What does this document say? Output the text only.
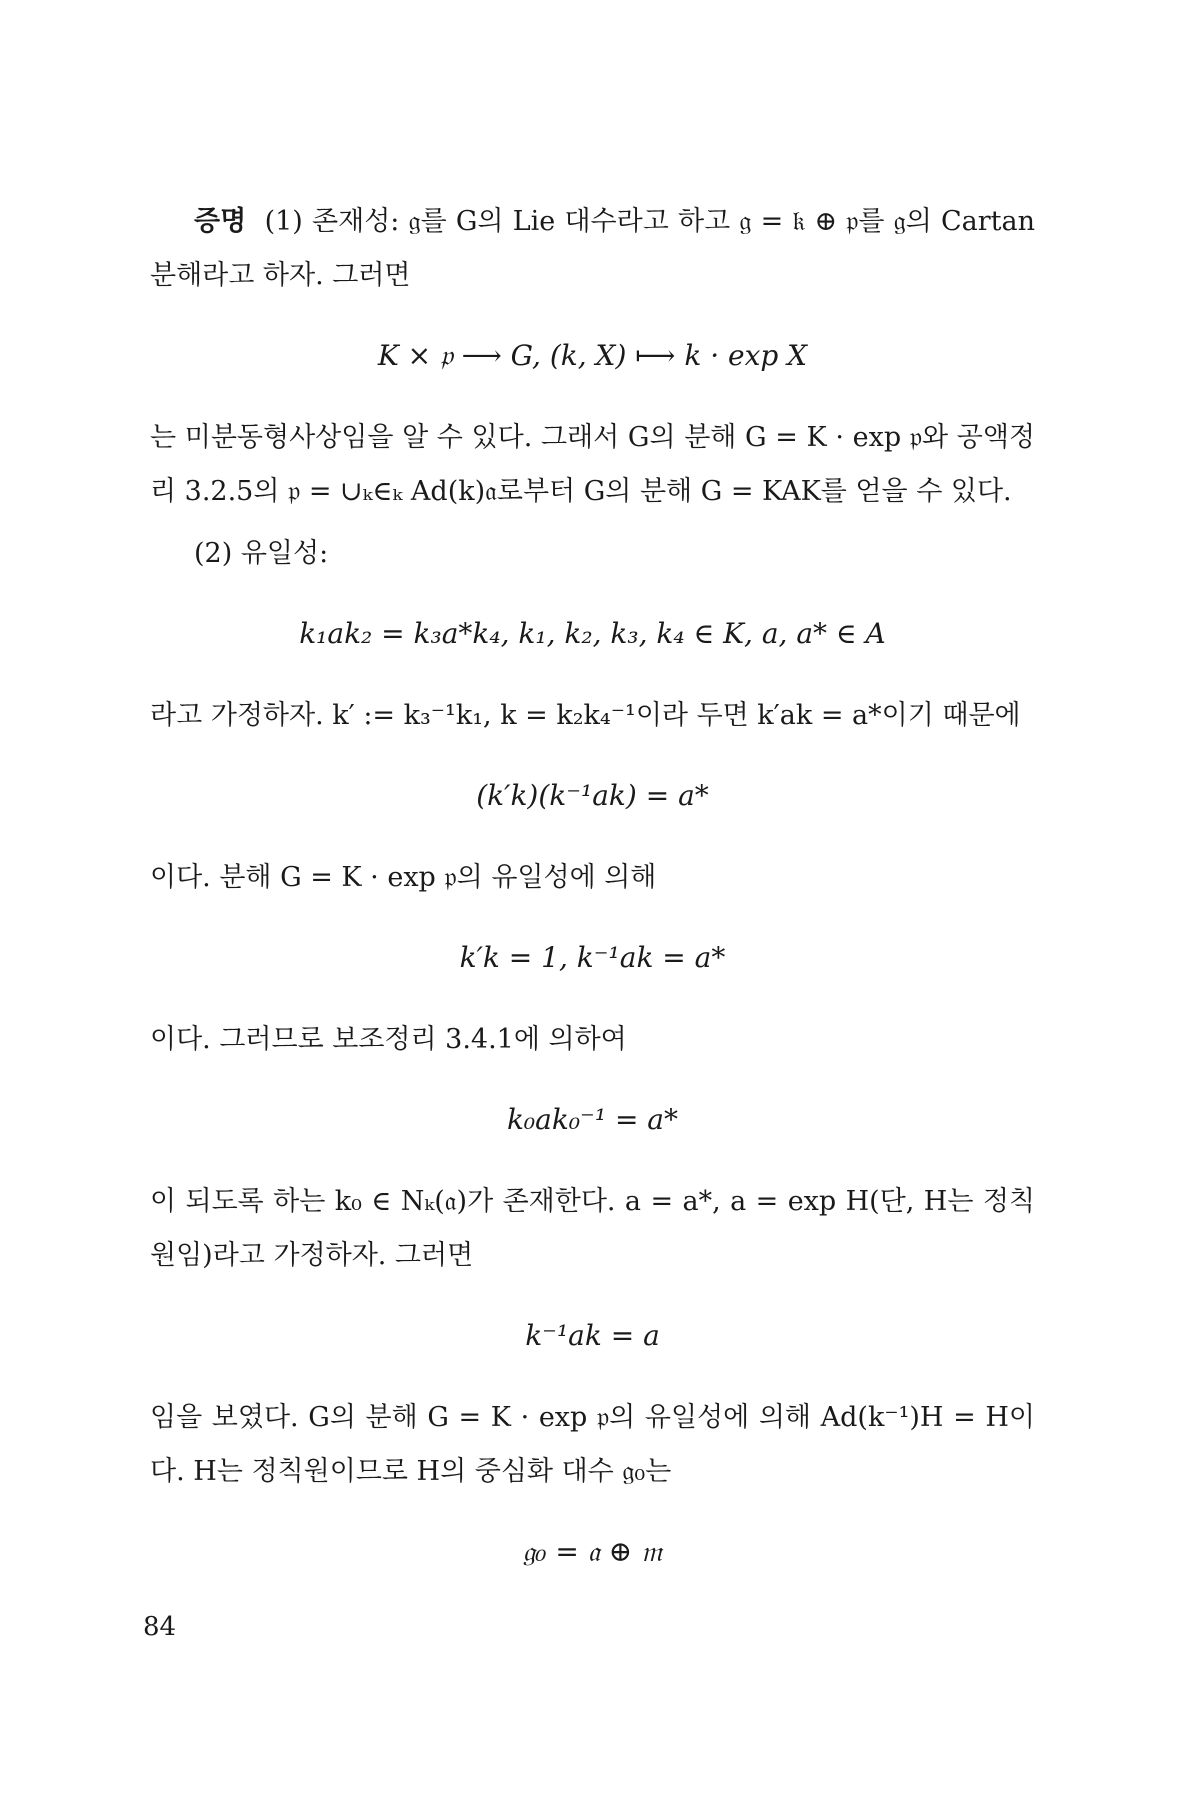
증명 (1) 존재성: 𝔤를 G의 Lie 대수라고 하고 𝔤 = 𝔨 ⊕ 𝔭를 𝔤의 Cartan 분해라고 하자. 그러면

K × 𝔭 ⟶ G, (k, X) ⟼ k · exp X

는 미분동형사상임을 알 수 있다. 그래서 G의 분해 G = K · exp 𝔭와 공액정리 3.2.5의 𝔭 = ∪ₖ∈ₖ Ad(k)𝔞로부터 G의 분해 G = KAK를 얻을 수 있다.

(2) 유일성:

k₁ak₂ = k₃a*k₄, k₁, k₂, k₃, k₄ ∈ K, a, a* ∈ A

라고 가정하자. k′ := k₃⁻¹k₁, k = k₂k₄⁻¹이라 두면 k′ak = a*이기 때문에

(k′k)(k⁻¹ak) = a*

이다. 분해 G = K · exp 𝔭의 유일성에 의해

k′k = 1, k⁻¹ak = a*

이다. 그러므로 보조정리 3.4.1에 의하여

k₀ak₀⁻¹ = a*

이 되도록 하는 k₀ ∈ Nₖ(𝔞)가 존재한다. a = a*, a = exp H(단, H는 정칙원임)라고 가정하자. 그러면

k⁻¹ak = a

임을 보였다. G의 분해 G = K · exp 𝔭의 유일성에 의해 Ad(k⁻¹)H = H이다. H는 정칙원이므로 H의 중심화 대수 𝔤₀는

𝔤₀ = 𝔞 ⊕ 𝔪
84
